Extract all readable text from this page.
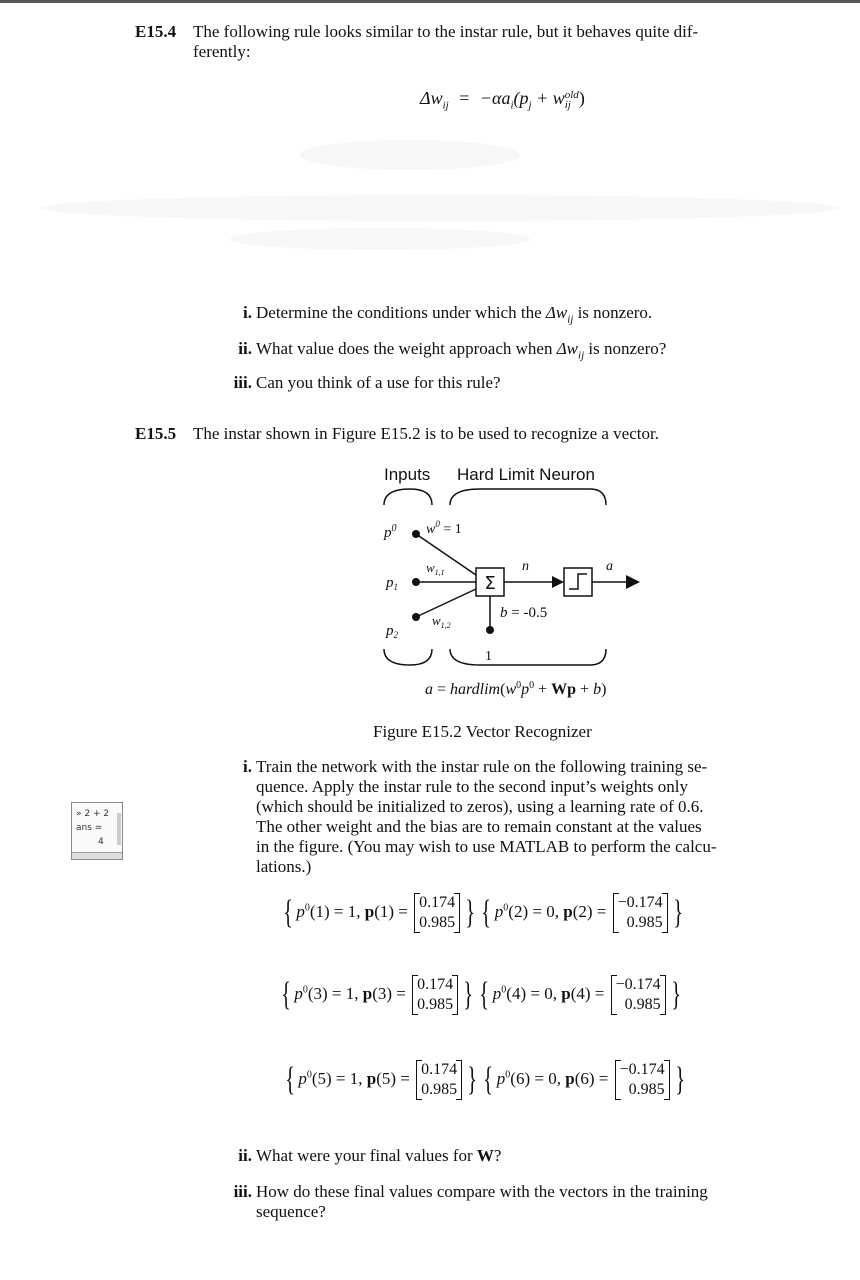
E15.4 The following rule looks similar to the instar rule, but it behaves quite dif-
ferently:
$\Delta w_{ij} = -\alpha a_i(p_j + w$ old
ij )
i. Determine the conditions under which the $\Delta w_{ij}$ is nonzero.
ii. What value does the weight approach when $\Delta w_{ij}$ is nonzero?
iii. Can you think of a use for this rule?
E15.5 The instar shown in Figure E15.2 is to be used to recognize a vector.
Inputs Hard Limit Neuron
$p^0$ $w^0 = 1$
$p_1$
$w_{1,1}$
$p_2$
$w_{1,2}$
Σ
n	a
b = -0.5
1
$a = hardlim(w^0p^0 + Wp + b)$
Figure E15.2 Vector Recognizer
i. Train the network with the instar rule on the following training se-
quence. Apply the instar rule to the second input’s weights only
(which should be initialized to zeros), using a learning rate of 0.6.
The other weight and the bias are to remain constant at the values
in the figure. (You may wish to use MATLAB to perform the calcu-
lations.)
» 2 + 2
ans =
4
{ $p^0(1) = 1$, p(1) = 0.174
0.985 } { $p^0(2) = 0$, p(2) = −0.174
0.985 }
{ $p^0(3) = 1$, p(3) = 0.174
0.985 } { $p^0(4) = 0$, p(4) = −0.174
0.985 }
{ $p^0(5) = 1$, p(5) = 0.174
0.985 } { $p^0(6) = 0$, p(6) = −0.174
0.985 }
ii. What were your final values for W?
iii. How do these final values compare with the vectors in the training
sequence?
